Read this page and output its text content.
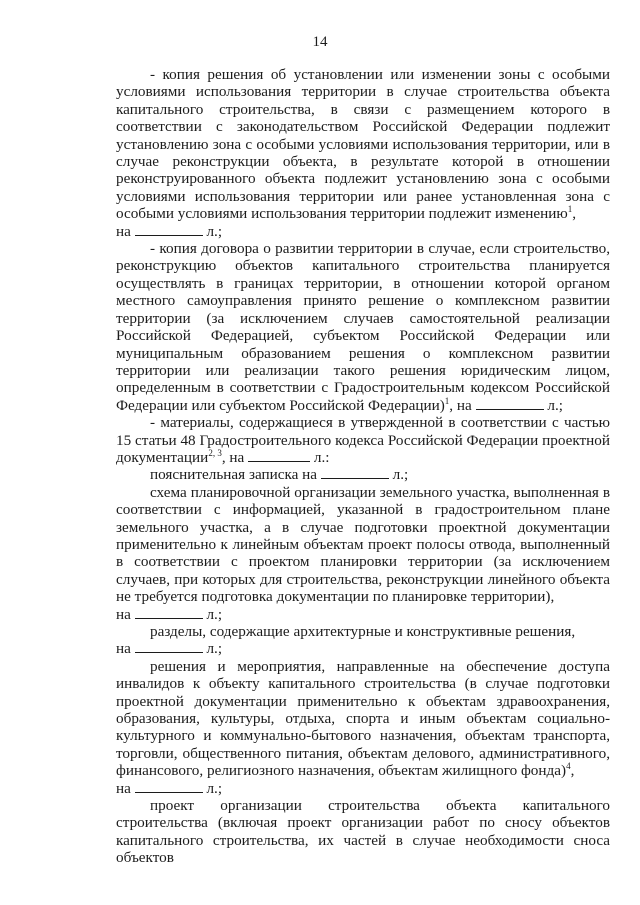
14

- копия решения об установлении или изменении зоны с особыми условиями использования территории в случае строительства объекта капитального строительства, в связи с размещением которого в соответствии с законодательством Российской Федерации подлежит установлению зона с особыми условиями использования территории, или в случае реконструкции объекта, в результате которой в отношении реконструированного объекта подлежит установлению зона с особыми условиями использования территории или ранее установленная зона с особыми условиями использования территории подлежит изменению$^1$,

на	л.;

- копия договора о развитии территории в случае, если строительство, реконструкцию объектов капитального строительства планируется осуществлять в границах территории, в отношении которой органом местного самоуправления принято решение о комплексном развитии территории (за исключением случаев самостоятельной реализации Российской Федерацией, субъектом Российской Федерации или муниципальным образованием решения о комплексном развитии территории или реализации такого решения юридическим лицом, определенным в соответствии с Градостроительным кодексом Российской Федерации или субъектом Российской Федерации)$^1$, на	л.;

- материалы, содержащиеся в утвержденной в соответствии с частью 15 статьи 48 Градостроительного кодекса Российской Федерации проектной документации$^{2, 3}$, на	л.:

пояснительная записка на	л.;

схема планировочной организации земельного участка, выполненная в соответствии с информацией, указанной в градостроительном плане земельного участка, а в случае подготовки проектной документации применительно к линейным объектам проект полосы отвода, выполненный в соответствии с проектом планировки территории (за исключением случаев, при которых для строительства, реконструкции линейного объекта не требуется подготовка документации по планировке территории),

на	л.;

разделы, содержащие архитектурные и конструктивные решения,

на	л.;

решения и мероприятия, направленные на обеспечение доступа инвалидов к объекту капитального строительства (в случае подготовки проектной документации применительно к объектам здравоохранения, образования, культуры, отдыха, спорта и иным объектам социально-культурного и коммунально-бытового назначения, объектам транспорта, торговли, общественного питания, объектам делового, административного, финансового, религиозного назначения, объектам жилищного фонда)$^4$,

на	л.;

проект организации строительства объекта капитального строительства (включая проект организации работ по сносу объектов капитального строительства, их частей в случае необходимости сноса объектов
